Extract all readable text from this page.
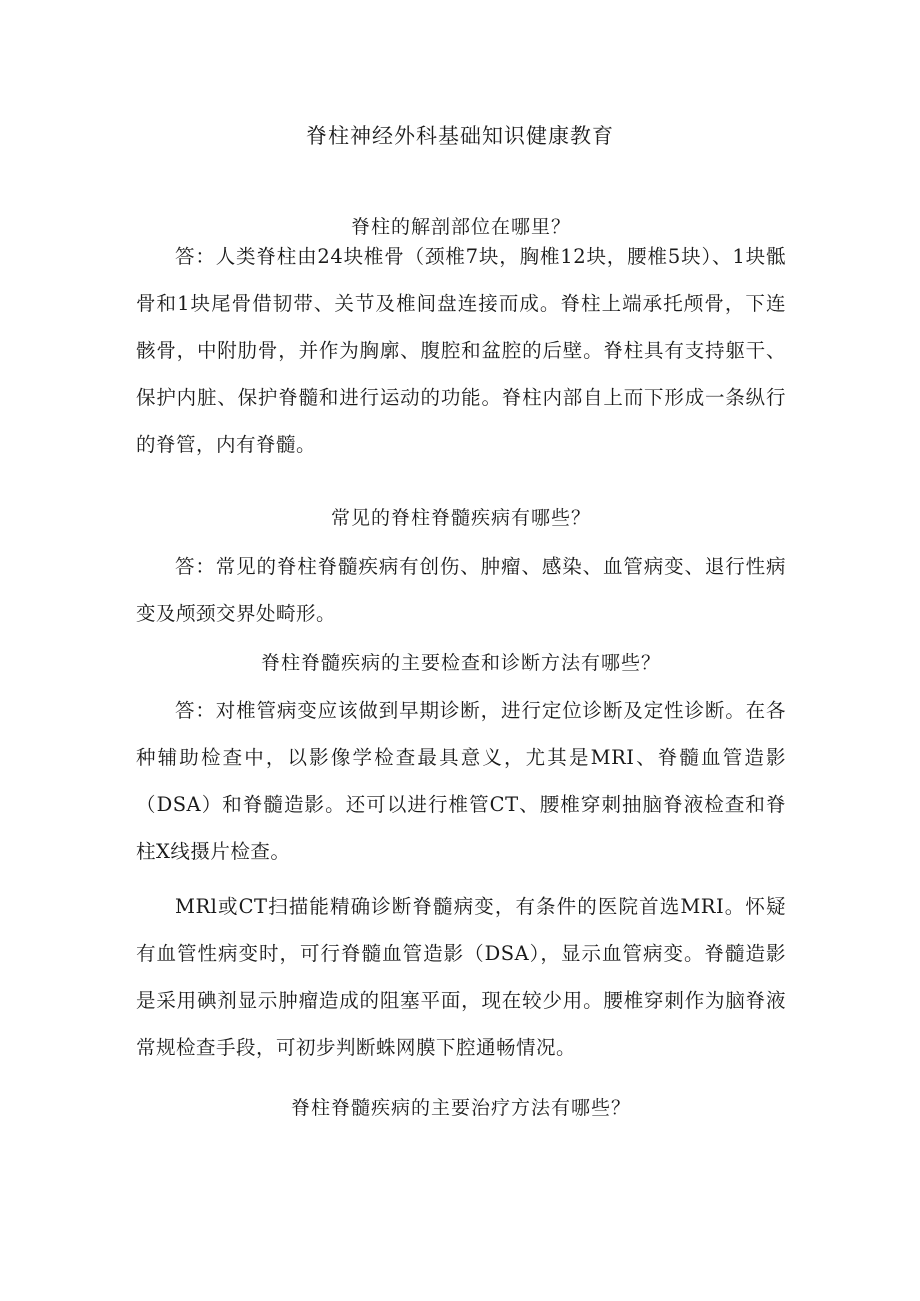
脊柱神经外科基础知识健康教育
脊柱的解剖部位在哪里？

答：人类脊柱由24块椎骨（颈椎7块，胸椎12块，腰椎5块）、1块骶骨和1块尾骨借韧带、关节及椎间盘连接而成。脊柱上端承托颅骨，下连骸骨，中附肋骨，并作为胸廓、腹腔和盆腔的后壁。脊柱具有支持躯干、保护内脏、保护脊髓和进行运动的功能。脊柱内部自上而下形成一条纵行的脊管，内有脊髓。

常见的脊柱脊髓疾病有哪些？

答：常见的脊柱脊髓疾病有创伤、肿瘤、感染、血管病变、退行性病变及颅颈交界处畸形。

脊柱脊髓疾病的主要检查和诊断方法有哪些？

答：对椎管病变应该做到早期诊断，进行定位诊断及定性诊断。在各种辅助检查中，以影像学检查最具意义，尤其是MRI、脊髓血管造影（DSA）和脊髓造影。还可以进行椎管CT、腰椎穿刺抽脑脊液检查和脊柱X线摄片检查。

MRl或CT扫描能精确诊断脊髓病变，有条件的医院首选MRI。怀疑有血管性病变时，可行脊髓血管造影（DSA），显示血管病变。脊髓造影是采用碘剂显示肿瘤造成的阻塞平面，现在较少用。腰椎穿刺作为脑脊液常规检查手段，可初步判断蛛网膜下腔通畅情况。

脊柱脊髓疾病的主要治疗方法有哪些？
